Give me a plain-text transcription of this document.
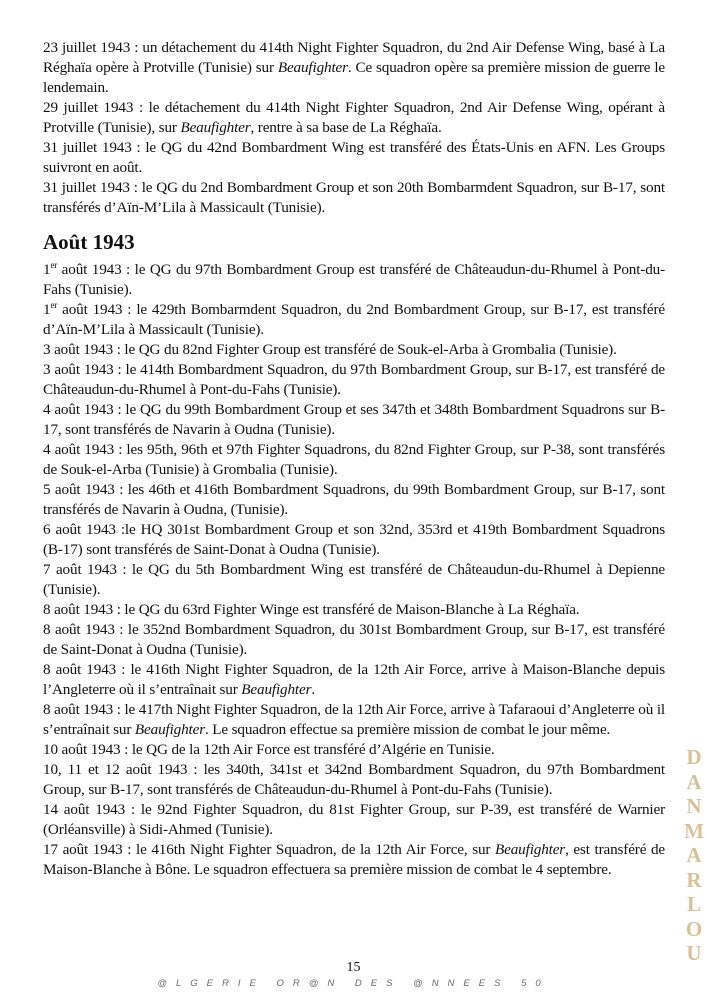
23 juillet 1943 : un détachement du 414th Night Fighter Squadron, du 2nd Air Defense Wing, basé à La Réghaïa opère à Protville (Tunisie) sur Beaufighter. Ce squadron opère sa première mission de guerre le lendemain.

29 juillet 1943 : le détachement du 414th Night Fighter Squadron, 2nd Air Defense Wing, opérant à Protville (Tunisie), sur Beaufighter, rentre à sa base de La Réghaïa.

31 juillet 1943 : le QG du 42nd Bombardment Wing est transféré des États-Unis en AFN. Les Groups suivront en août.

31 juillet 1943 : le QG du 2nd Bombardment Group et son 20th Bombarmdent Squadron, sur B-17, sont transférés d’Aïn-M’Lila à Massicault (Tunisie).

Août 1943

1er août 1943 : le QG du 97th Bombardment Group est transféré de Châteaudun-du-Rhumel à Pont-du-Fahs (Tunisie).

1er août 1943 : le 429th Bombarmdent Squadron, du 2nd Bombardment Group, sur B-17, est transféré d’Aïn-M’Lila à Massicault (Tunisie).

3 août 1943 : le QG du 82nd Fighter Group est transféré de Souk-el-Arba à Grombalia (Tunisie).

3 août 1943 : le 414th Bombardment Squadron, du 97th Bombardment Group, sur B-17, est transféré de Châteaudun-du-Rhumel à Pont-du-Fahs (Tunisie).

4 août 1943 : le QG du 99th Bombardment Group et ses 347th et 348th Bombardment Squadrons sur B-17, sont transférés de Navarin à Oudna (Tunisie).

4 août 1943 : les 95th, 96th et 97th Fighter Squadrons, du 82nd Fighter Group, sur P-38, sont transférés de Souk-el-Arba (Tunisie) à Grombalia (Tunisie).

5 août 1943 : les 46th et 416th Bombardment Squadrons, du 99th Bombardment Group, sur B-17, sont transférés de Navarin à Oudna, (Tunisie).

6 août 1943 :le HQ 301st Bombardment Group et son 32nd, 353rd et 419th Bombardment Squadrons (B-17) sont transférés de Saint-Donat à Oudna (Tunisie).

7 août 1943 : le QG du 5th Bombardment Wing est transféré de Châteaudun-du-Rhumel à Depienne (Tunisie).

8 août 1943 : le QG du 63rd Fighter Winge est transféré de Maison-Blanche à La Réghaïa.

8 août 1943 : le 352nd Bombardment Squadron, du 301st Bombardment Group, sur B-17, est transféré de Saint-Donat à Oudna (Tunisie).

8 août 1943 : le 416th Night Fighter Squadron, de la 12th Air Force, arrive à Maison-Blanche depuis l’Angleterre où il s’entraînait sur Beaufighter.

8 août 1943 : le 417th Night Fighter Squadron, de la 12th Air Force, arrive à Tafaraoui d’Angleterre où il s’entraînait sur Beaufighter. Le squadron effectue sa première mission de combat le jour même.

10 août 1943 : le QG de la 12th Air Force est transféré d’Algérie en Tunisie.

10, 11 et 12 août 1943 : les 340th, 341st et 342nd Bombardment Squadron, du 97th Bombardment Group, sur B-17, sont transférés de Châteaudun-du-Rhumel à Pont-du-Fahs (Tunisie).

14 août 1943 : le 92nd Fighter Squadron, du 81st Fighter Group, sur P-39, est transféré de Warnier (Orléansville) à Sidi-Ahmed (Tunisie).

17 août 1943 : le 416th Night Fighter Squadron, de la 12th Air Force, sur Beaufighter, est transféré de Maison-Blanche à Bône. Le squadron effectuera sa première mission de combat le 4 septembre.

15
@LGERIE OR@N DES @NNEES 50
D
A
N
M
A
R
L
O
U
